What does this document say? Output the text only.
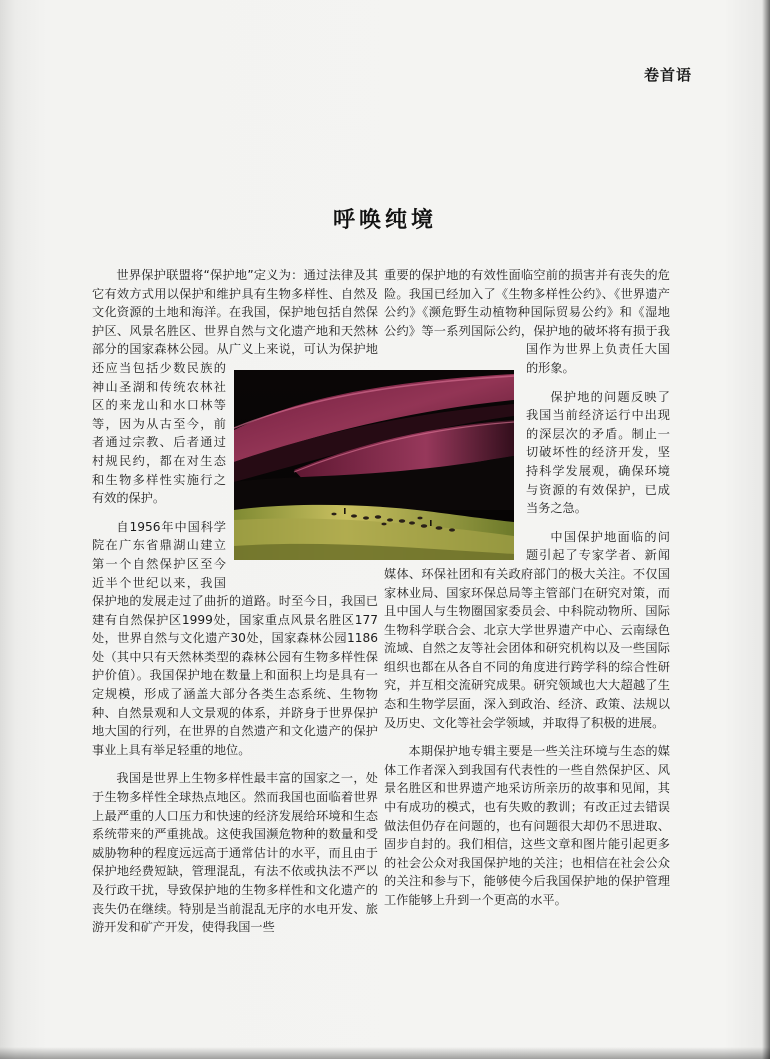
卷首语
呼唤纯境

世界保护联盟将“保护地”定义为：通过法律及其它有效方式用以保护和维护具有生物多样性、自然及文化资源的土地和海洋。在我国，保护地包括自然保护区、风景名胜区、世界自然与文化遗产地和天然林部分的国家森林公园。从广义上来说，可认为保护地还应当包括少数民族的神山圣湖和传统农林社区的来龙山和水口林等等，因为从古至今，前者通过宗教、后者通过村规民约，都在对生态和生物多样性实施行之有效的保护。

自1956年中国科学院在广东省鼎湖山建立第一个自然保护区至今近半个世纪以来，我国保护地的发展走过了曲折的道路。时至今日，我国已建有自然保护区1999处，国家重点风景名胜区177处，世界自然与文化遗产30处，国家森林公园1186处（其中只有天然林类型的森林公园有生物多样性保护价值）。我国保护地在数量上和面积上均是具有一定规模，形成了涵盖大部分各类生态系统、生物物种、自然景观和人文景观的体系，并跻身于世界保护地大国的行列，在世界的自然遗产和文化遗产的保护事业上具有举足轻重的地位。

我国是世界上生物多样性最丰富的国家之一，处于生物多样性全球热点地区。然而我国也面临着世界上最严重的人口压力和快速的经济发展给环境和生态系统带来的严重挑战。这使我国濒危物种的数量和受威胁物种的程度远远高于通常估计的水平，而且由于保护地经费短缺，管理混乱，有法不依或执法不严以及行政干扰，导致保护地的生物多样性和文化遗产的丧失仍在继续。特别是当前混乱无序的水电开发、旅游开发和矿产开发，使得我国一些

重要的保护地的有效性面临空前的损害并有丧失的危险。我国已经加入了《生物多样性公约》、《世界遗产公约》《濒危野生动植物种国际贸易公约》和《湿地公约》等一系列国际公约，保护地的破坏将有损于我国作为世界上负责任大国的形象。

保护地的问题反映了我国当前经济运行中出现的深层次的矛盾。制止一切破坏性的经济开发，坚持科学发展观，确保环境与资源的有效保护，已成当务之急。

中国保护地面临的问题引起了专家学者、新闻媒体、环保社团和有关政府部门的极大关注。不仅国家林业局、国家环保总局等主管部门在研究对策，而且中国人与生物圈国家委员会、中科院动物所、国际生物科学联合会、北京大学世界遗产中心、云南绿色流域、自然之友等社会团体和研究机构以及一些国际组织也都在从各自不同的角度进行跨学科的综合性研究，并互相交流研究成果。研究领域也大大超越了生态和生物学层面，深入到政治、经济、政策、法规以及历史、文化等社会学领域，并取得了积极的进展。

本期保护地专辑主要是一些关注环境与生态的媒体工作者深入到我国有代表性的一些自然保护区、风景名胜区和世界遗产地采访所亲历的故事和见闻，其中有成功的模式，也有失败的教训；有改正过去错误做法但仍存在问题的，也有问题很大却仍不思进取、固步自封的。我们相信，这些文章和图片能引起更多的社会公众对我国保护地的关注；也相信在社会公众的关注和参与下，能够使今后我国保护地的保护管理工作能够上升到一个更高的水平。
